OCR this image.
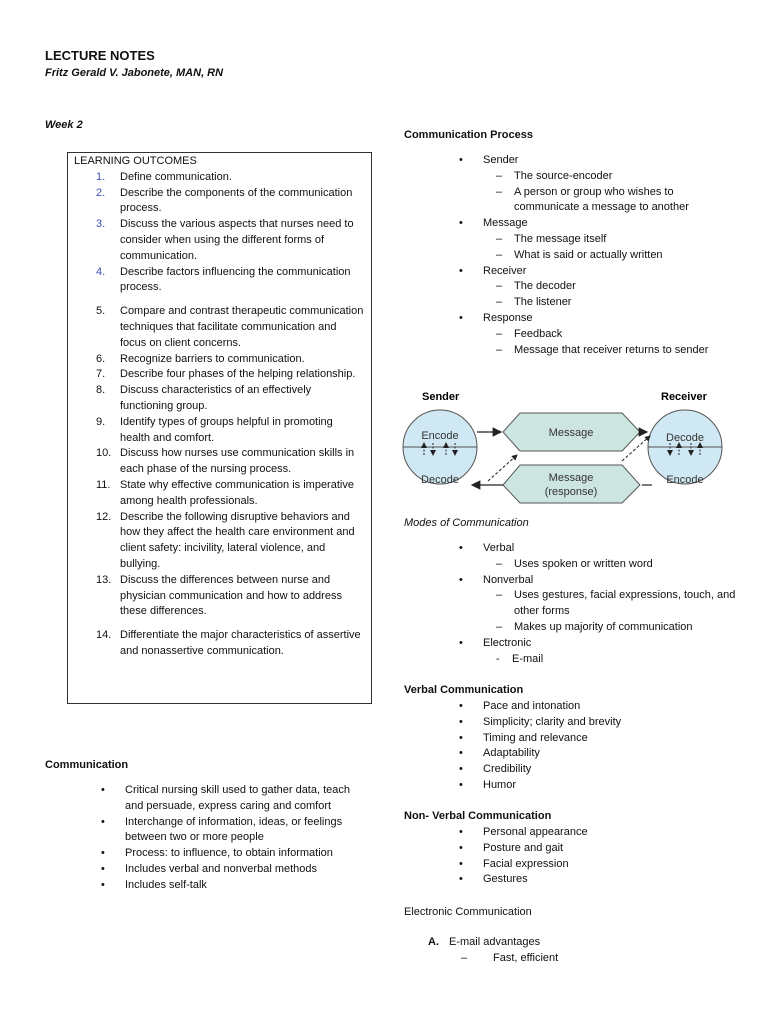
LECTURE NOTES
Fritz Gerald V. Jabonete, MAN, RN
Week 2
LEARNING OUTCOMES
1.	Define communication.
2.	Describe the components of the communication process.
3.	Discuss the various aspects that nurses need to consider when using the different forms of communication.
4.	Describe factors influencing the communication process.
5.	Compare and contrast therapeutic communication techniques that facilitate communication and focus on client concerns.
6.	Recognize barriers to communication.
7.	Describe four phases of the helping relationship.
8.	Discuss characteristics of an effectively functioning group.
9.	Identify types of groups helpful in promoting health and comfort.
10. Discuss how nurses use communication skills in each phase of the nursing process.
11. State why effective communication is imperative among health professionals.
12. Describe the following disruptive behaviors and how they affect the health care environment and client safety: incivility, lateral violence, and bullying.
13. Discuss the differences between nurse and physician communication and how to address these differences.
14. Differentiate the major characteristics of assertive and nonassertive communication.
Communication
• Critical nursing skill used to gather data, teach and persuade, express caring and comfort
• Interchange of information, ideas, or feelings between two or more people
• Process: to influence, to obtain information
• Includes verbal and nonverbal methods
• Includes self-talk
Communication Process
• Sender
– The source-encoder
– A person or group who wishes to communicate a message to another
• Message
– The message itself
– What is said or actually written
• Receiver
– The decoder
– The listener
• Response
– Feedback
– Message that receiver returns to sender
Sender	Receiver
Encode
Decode
Decode
Encode
Message
Message
(response)
Modes of Communication
• Verbal
– Uses spoken or written word
• Nonverbal
– Uses gestures, facial expressions, touch, and other forms
– Makes up majority of communication
• Electronic
- E-mail
Verbal Communication
• Pace and intonation
• Simplicity; clarity and brevity
• Timing and relevance
• Adaptability
• Credibility
• Humor
Non- Verbal Communication
• Personal appearance
• Posture and gait
• Facial expression
• Gestures
Electronic Communication
A. E-mail advantages
– Fast, efficient
